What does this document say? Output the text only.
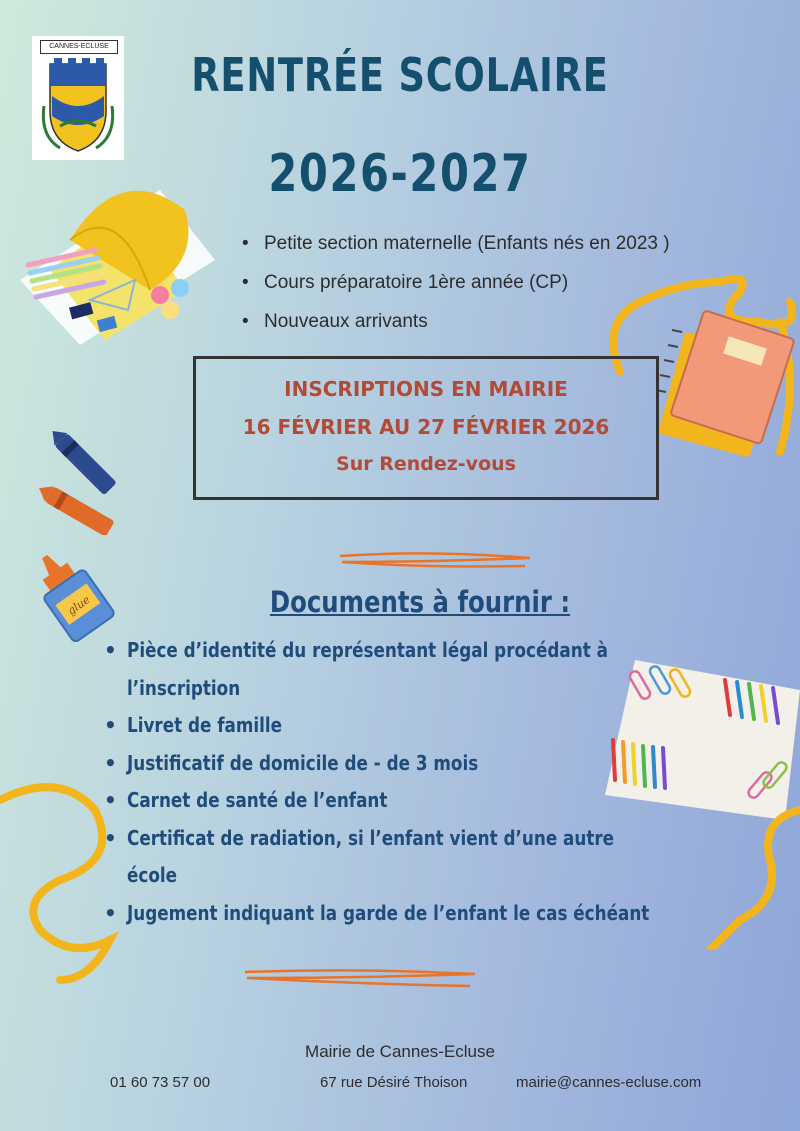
CANNES-ECLUSE
RENTRÉE SCOLAIRE
2026-2027
• Petite section maternelle (Enfants nés en 2023 )
• Cours préparatoire 1ère année (CP)
• Nouveaux arrivants
INSCRIPTIONS EN MAIRIE
16 FÉVRIER AU 27 FÉVRIER 2026
Sur Rendez-vous
glue	Documents à fournir :
• Pièce d’identité du représentant légal procédant à
l’inscription
• Livret de famille
• Justificatif de domicile de - de 3 mois
• Carnet de santé de l’enfant
• Certificat de radiation, si l’enfant vient d’une autre
école
• Jugement indiquant la garde de l’enfant le cas échéant
Mairie de Cannes-Ecluse
01 60 73 57 00	67 rue Désiré Thoison	mairie@cannes-ecluse.com
